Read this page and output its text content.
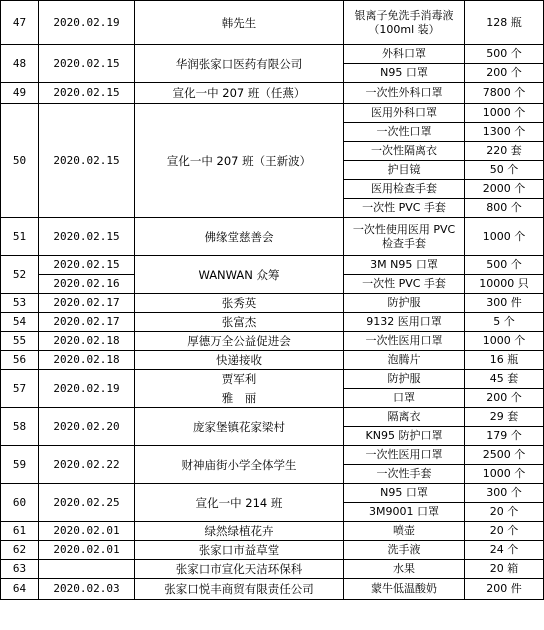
47	2020.02.19	韩先生	银离子免洗手消毒液（100ml 装）	128 瓶
48	2020.02.15	华润张家口医药有限公司	外科口罩	500 个
			N95 口罩	200 个
49	2020.02.15	宣化一中 207 班（任燕）	一次性外科口罩	7800 个
50	2020.02.15	宣化一中 207 班（王新波）	医用外科口罩	1000 个
			一次性口罩	1300 个
			一次性隔离衣	220 套
			护目镜	50 个
			医用检查手套	2000 个
			一次性 PVC 手套	800 个
51	2020.02.15	佛缘堂慈善会	一次性使用医用 PVC 检查手套	1000 个
52	2020.02.15	WANWAN 众筹	3M N95 口罩	500 个
	2020.02.16		一次性 PVC 手套	10000 只
53	2020.02.17	张秀英	防护服	300 件
54	2020.02.17	张富杰	9132 医用口罩	5 个
55	2020.02.18	厚德万全公益促进会	一次性医用口罩	1000 个
56	2020.02.18	快递接收	泡腾片	16 瓶
57	2020.02.19	贾军利	防护服	45 套
		雅　丽	口罩	200 个
58	2020.02.20	庞家堡镇花家梁村	隔离衣	29 套
			KN95 防护口罩	179 个
59	2020.02.22	财神庙街小学全体学生	一次性医用口罩	2500 个
			一次性手套	1000 个
60	2020.02.25	宣化一中 214 班	N95 口罩	300 个
			3M9001 口罩	20 个
61	2020.02.01	绿然绿植花卉	喷壶	20 个
62	2020.02.01	张家口市益草堂	洗手液	24 个
63		张家口市宣化天洁环保科	水果	20 箱
64	2020.02.03	张家口悦丰商贸有限责任公司	蒙牛低温酸奶	200 件
